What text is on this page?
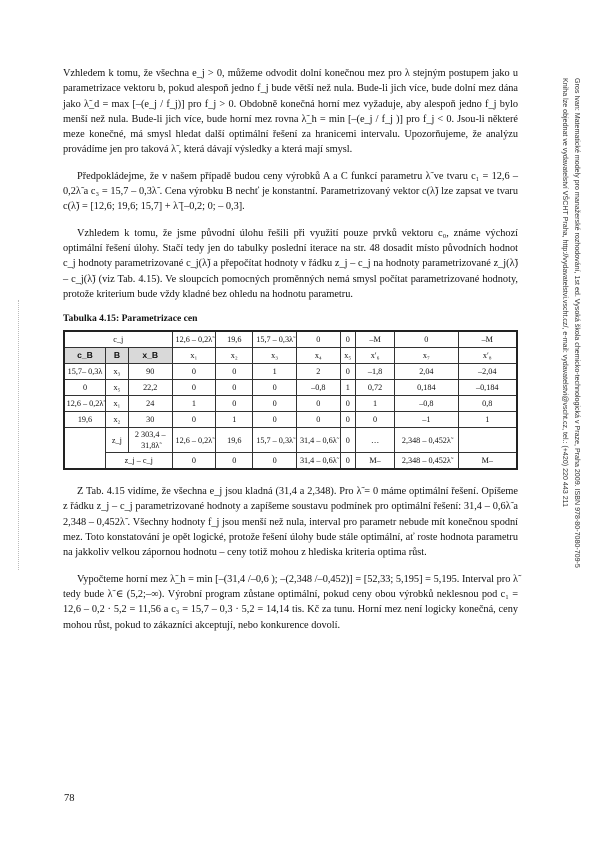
Gros Ivan: Matematické modely pro manažerské rozhodování, 1st ed. Vysoká škola chemicko-technologická v Praze, Praha 2009. ISBN 978-80-7080-709-5
Kniha lze objednat ve vydavatelství VŠCHT Praha, http://vydavatelstvi.vscht.cz/, e-mail: vydavatelstvi@vscht.cz, tel.: (+420) 220 443 211

Vzhledem k tomu, že všechna e_j > 0, můžeme odvodit dolní konečnou mez pro λ stejným postupem jako u parametrizace vektoru b, pokud alespoň jedno f_j bude větší než nula. Bude-li jich více, bude dolní mez dána jako λ̃_d = max [–(e_j / f_j)] pro f_j > 0. Obdobně konečná horní mez vyžaduje, aby alespoň jedno f_j bylo menší než nula. Bude-li jich více, bude horní mez rovna λ̃_h = min [–(e_j / f_j )] pro f_j < 0. Jsou-li některé meze konečné, má smysl hledat další optimální řešení za hranicemi intervalu. Upozorňujeme, že analýzu provádíme jen pro taková λ̃ , která dávají výsledky a která mají smysl.

Předpokládejme, že v našem případě budou ceny výrobků A a C funkcí parametru λ̃ ve tvaru c₁ = 12,6 – 0,2λ̃ a c₃ = 15,7 – 0,3λ̃ . Cena výrobku B nechť je konstantní. Parametrizovaný vektor c(λ̃) lze zapsat ve tvaru c(λ̃) = [12,6; 19,6; 15,7] + λ̃ [–0,2; 0; – 0,3].

Vzhledem k tomu, že jsme původní úlohu řešili při využití pouze prvků vektoru c₀, známe výchozí optimální řešení úlohy. Stačí tedy jen do tabulky poslední iterace na str. 48 dosadit místo původních hodnot c_j hodnoty parametrizované c_j(λ̃) a přepočítat hodnoty v řádku z_j – c_j na hodnoty parametrizované z_j(λ̃) – c_j(λ̃) (viz Tab. 4.15). Ve sloupcích pomocných proměnných nemá smysl počítat parametrizované hodnoty, protože kriterium bude vždy kladné bez ohledu na hodnotu parametru.

Tabulka 4.15: Parametrizace cen
c_j			12,6 – 0,2λ̃	19,6	15,7 – 0,3λ̃	0	0	–M	0	–M
c_B	B	x_B	x₁	x₂	x₃	x₄	x₅	x′₆	x₇	x′₈
15,7– 0,3λ	x₃	90	0	0	1	2	0	–1,8	2,04	–2,04
0	x₅	22,2	0	0	0	–0,8	1	0,72	0,184	–0,184
12,6 – 0,2λ̃	x₁	24	1	0	0	0	0	1	–0,8	0,8
19,6	x₂	30	0	1	0	0	0	0	–1	1
	z_j	2 303,4 – 31,8λ̃	12,6 – 0,2λ̃	19,6	15,7 – 0,3λ̃	31,4 – 0,6λ̃	0	…	2,348 – 0,452λ̃	
	z_j – c_j		0	0	0	31,4 – 0,6λ̃	0	M–	2,348 – 0,452λ̃	M–

Z Tab. 4.15 vidíme, že všechna e_j jsou kladná (31,4 a 2,348). Pro λ̃ = 0 máme optimální řešení. Opíšeme z řádku z_j – c_j parametrizované hodnoty a zapíšeme soustavu podmínek pro optimální řešení: 31,4 – 0,6λ̃ a 2,348 – 0,452λ̃ . Všechny hodnoty f_j jsou menší než nula, interval pro parametr nebude mít konečnou spodní mez. Toto konstatování je opět logické, protože řešení úlohy bude stále optimální, ať roste hodnota parametru na jakkoliv velkou zápornou hodnotu – ceny totiž mohou z hlediska kriteria optima růst.

Vypočteme horní mez λ̃_h = min [–(31,4 /–0,6 ); –(2,348 /–0,452)] = [52,33; 5,195] = 5,195. Interval pro λ̃ tedy bude λ̃ ∈ (5,2;–∞). Výrobní program zůstane optimální, pokud ceny obou výrobků neklesnou pod c₁ = 12,6 – 0,2 · 5,2 = 11,56 a c₃ = 15,7 – 0,3 · 5,2 = 14,14 tis. Kč za tunu. Horní mez není logicky konečná, ceny mohou růst, pokud to zákazníci akceptují, nebo konkurence dovolí.

78
